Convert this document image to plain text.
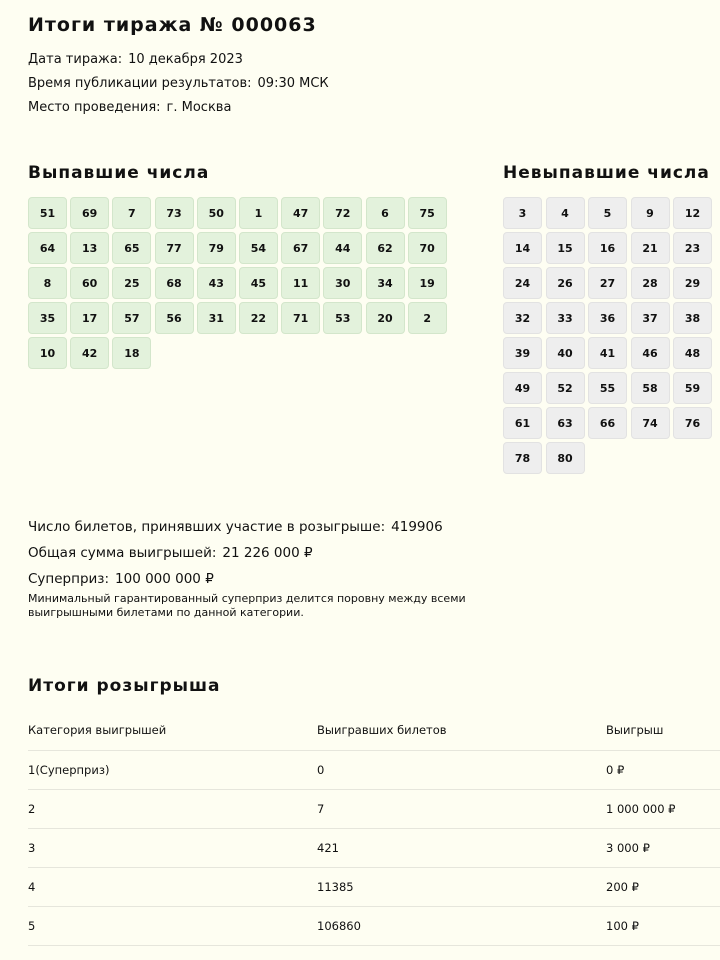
Итоги тиража № 000063
Дата тиража: 10 декабря 2023
Время публикации результатов: 09:30 МСК
Место проведения: г. Москва
Выпавшие числа
51	69	7	73	50	1	47	72	6	75
64	13	65	77	79	54	67	44	62	70
8	60	25	68	43	45	11	30	34	19
35	17	57	56	31	22	71	53	20	2
10	42	18
Невыпавшие числа
3	4	5	9	12
14	15	16	21	23
24	26	27	28	29
32	33	36	37	38
39	40	41	46	48
49	52	55	58	59
61	63	66	74	76
78	80
Число билетов, принявших участие в розыгрыше: 419906
Общая сумма выигрышей: 21 226 000 ₽
Суперприз: 100 000 000 ₽
Минимальный гарантированный суперприз делится поровну между всеми выигрышными билетами по данной категории.
Итоги розыгрыша
Категория выигрышей	Выигравших билетов	Выигрыш
1(Суперприз)	0	0 ₽
2	7	1 000 000 ₽
3	421	3 000 ₽
4	11385	200 ₽
5	106860	100 ₽
